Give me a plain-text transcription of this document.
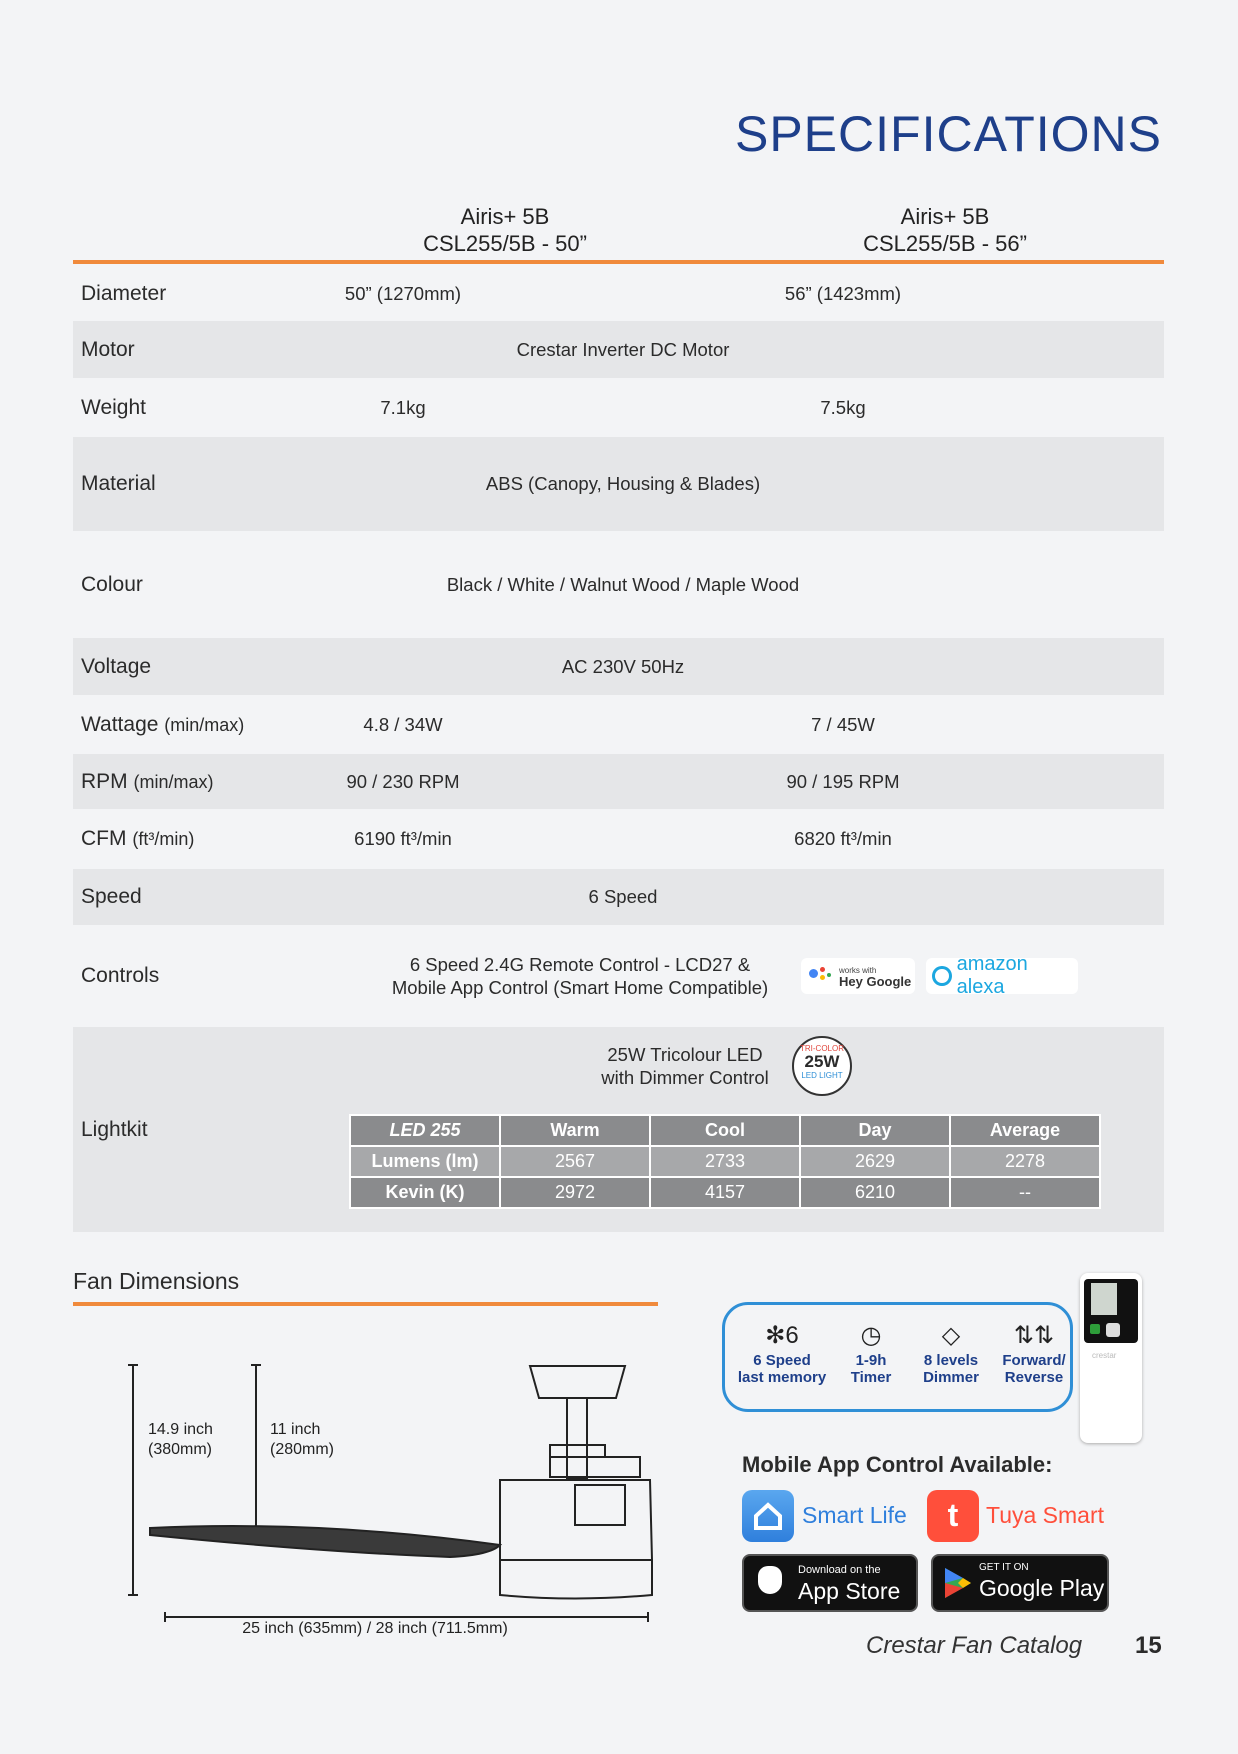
SPECIFICATIONS
Airis+ 5B
CSL255/5B - 50”
Airis+ 5B
CSL255/5B - 56”
Diameter	50” (1270mm)	56” (1423mm)
Motor	Crestar Inverter DC Motor
Weight	7.1kg	7.5kg
Material	ABS (Canopy, Housing & Blades)
Colour	Black / White / Walnut Wood / Maple Wood
Voltage	AC 230V 50Hz
Wattage (min/max)	4.8 / 34W	7 / 45W
RPM (min/max)	90 / 230 RPM	90 / 195 RPM
CFM (ft³/min)	6190 ft³/min	6820 ft³/min
Speed	6 Speed
Controls	6 Speed 2.4G Remote Control - LCD27 &
Mobile App Control (Smart Home Compatible)
works with
Hey Google
amazon alexa
Lightkit
25W Tricolour LED
with Dimmer Control
TRI-COLOR
25W
LED LIGHT
LED 255	Warm	Cool	Day	Average
Lumens (lm)	2567	2733	2629	2278
Kevin (K)	2972	4157	6210	--
Fan Dimensions
14.9 inch
(380mm)
11 inch
(280mm)
25 inch (635mm) / 28 inch (711.5mm)
✻6
6 Speed
last memory
◷
1-9h
Timer
◇
8 levels
Dimmer
⇅⇅
Forward/
Reverse
crestar
Mobile App Control Available:
Smart Life	t	Tuya Smart
Download on the
App Store
GET IT ON
Google Play
Crestar Fan Catalog 15
